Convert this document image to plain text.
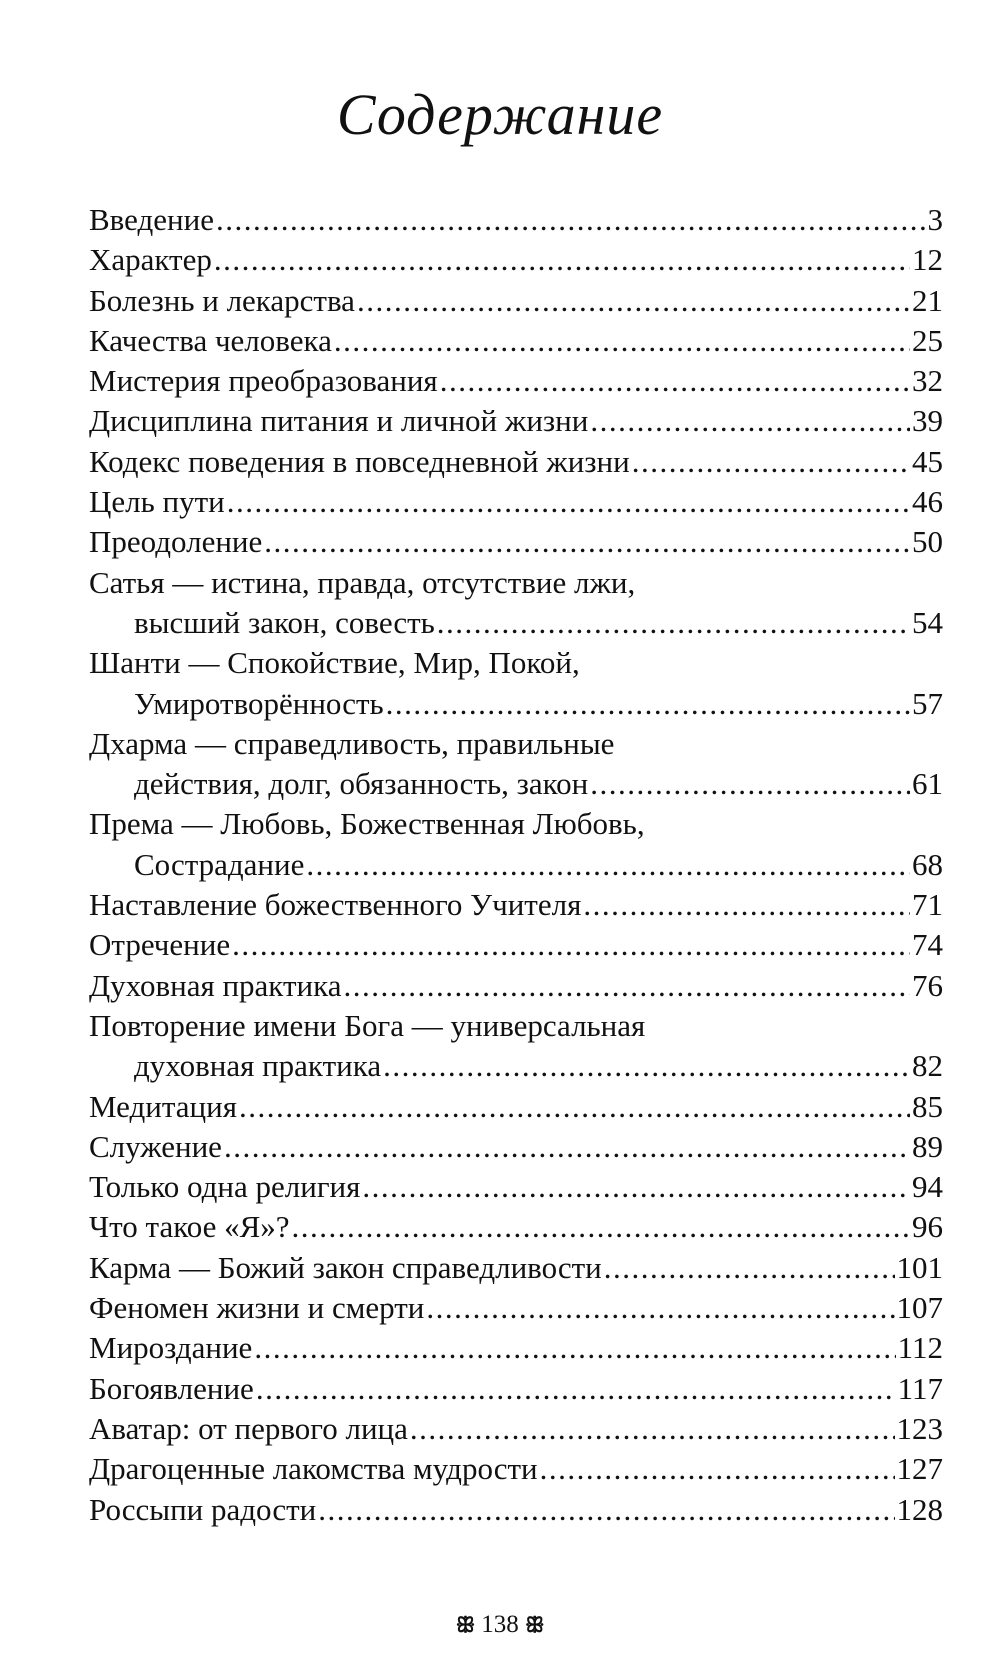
Содержание
Введение .....	3
Характер .....	12
Болезнь и лекарства .....	21
Качества человека .....	25
Мистерия преобразования .....	32
Дисциплина питания и личной жизни .....	39
Кодекс поведения в повседневной жизни .....	45
Цель пути .....	46
Преодоление .....	50
Сатья — истина, правда, отсутствие лжи,
высший закон, совесть .....	54
Шанти — Спокойствие, Мир, Покой,
Умиротворённость .....	57
Дхарма — справедливость, правильные
действия, долг, обязанность, закон .....	61
Према — Любовь, Божественная Любовь,
Сострадание .....	68
Наставление божественного Учителя .....	71
Отречение .....	74
Духовная практика .....	76
Повторение имени Бога — универсальная
духовная практика .....	82
Медитация .....	85
Служение .....	89
Только одна религия .....	94
Что такое «Я»? .....	96
Карма — Божий закон справедливости .....	101
Феномен жизни и смерти .....	107
Мироздание .....	112
Богоявление .....	117
Аватар: от первого лица .....	123
Драгоценные лакомства мудрости .....	127
Россыпи радости .....	128
ꕥ 138 ꕥ
